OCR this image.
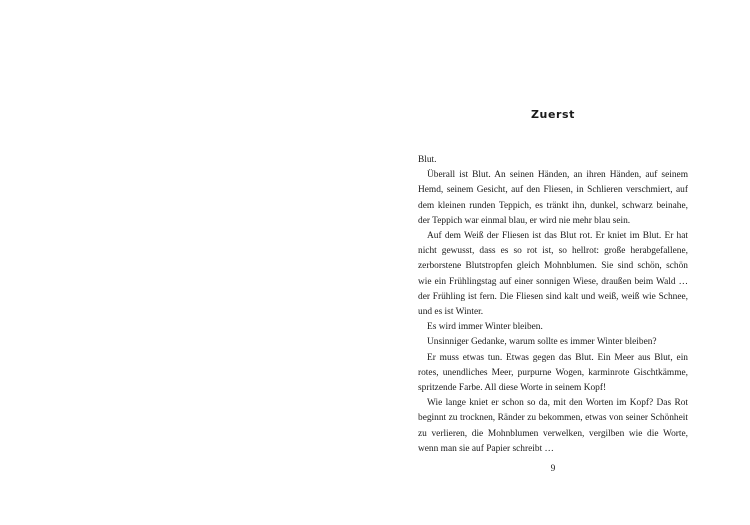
Zuerst

Blut.

Überall ist Blut. An seinen Händen, an ihren Händen, auf seinem Hemd, seinem Gesicht, auf den Fliesen, in Schlieren verschmiert, auf dem kleinen runden Teppich, es tränkt ihn, dunkel, schwarz beinahe, der Teppich war einmal blau, er wird nie mehr blau sein.

Auf dem Weiß der Fliesen ist das Blut rot. Er kniet im Blut. Er hat nicht gewusst, dass es so rot ist, so hellrot: große herabgefallene, zerborstene Blutstropfen gleich Mohnblumen. Sie sind schön, schön wie ein Frühlingstag auf einer sonnigen Wiese, draußen beim Wald … der Frühling ist fern. Die Fliesen sind kalt und weiß, weiß wie Schnee, und es ist Winter.

Es wird immer Winter bleiben.

Unsinniger Gedanke, warum sollte es immer Winter bleiben?

Er muss etwas tun. Etwas gegen das Blut. Ein Meer aus Blut, ein rotes, unendliches Meer, purpurne Wogen, karminrote Gischtkämme, spritzende Farbe. All diese Worte in seinem Kopf!

Wie lange kniet er schon so da, mit den Worten im Kopf? Das Rot beginnt zu trocknen, Ränder zu bekommen, etwas von seiner Schönheit zu verlieren, die Mohnblumen verwelken, vergilben wie die Worte, wenn man sie auf Papier schreibt …

9
